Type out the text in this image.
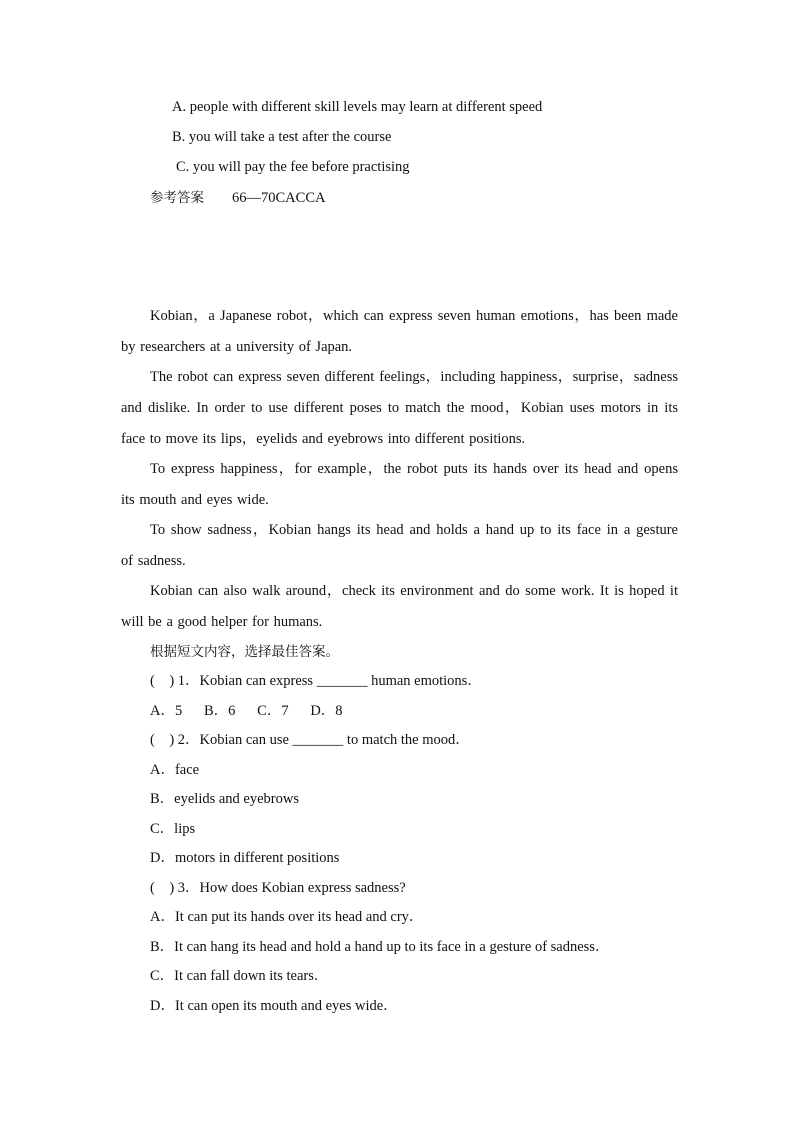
A. people with different skill levels may learn at different speed
B. you will take a test after the course
C. you will pay the fee before practising
参考答案 66—70CACCA
Kobian，a Japanese robot，which can express seven human emotions，has been made
by researchers at a university of Japan.
The robot can express seven different feelings，including happiness，surprise，sadness
and dislike. In order to use different poses to match the mood，Kobian uses motors in its
face to move its lips，eyelids and eyebrows into different positions.
To express happiness，for example，the robot puts its hands over its head and opens
its mouth and eyes wide.
To show sadness，Kobian hangs its head and holds a hand up to its face in a gesture
of sadness.
Kobian can also walk around，check its environment and do some work. It is hoped it
will be a good helper for humans.
根据短文内容，选择最佳答案。
(    ) 1．Kobian can express _______ human emotions．
A．5      B．6      C．7      D．8
(    ) 2．Kobian can use _______ to match the mood．
A．face
B．eyelids and eyebrows
C．lips
D．motors in different positions
(    ) 3．How does Kobian express sadness?
A．It can put its hands over its head and cry．
B．It can hang its head and hold a hand up to its face in a gesture of sadness．
C．It can fall down its tears．
D．It can open its mouth and eyes wide．
